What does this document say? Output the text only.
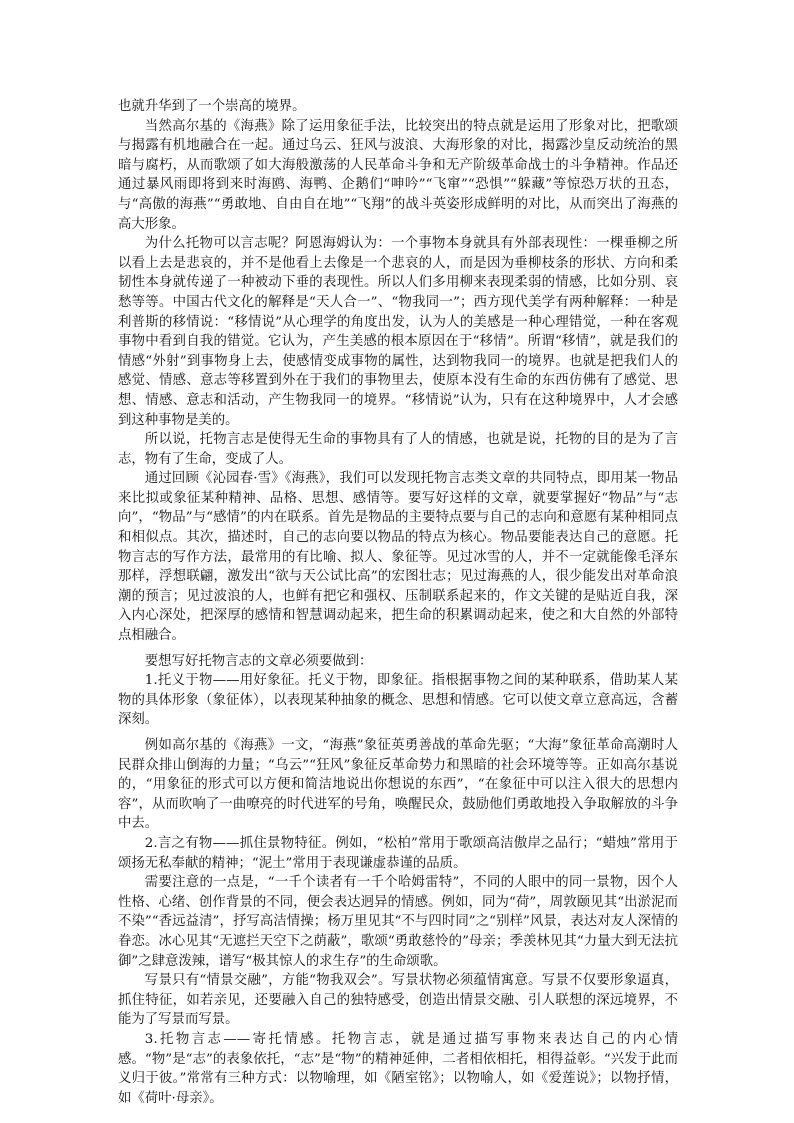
也就升华到了一个崇高的境界。

当然高尔基的《海燕》除了运用象征手法，比较突出的特点就是运用了形象对比，把歌颂与揭露有机地融合在一起。通过乌云、狂风与波浪、大海形象的对比，揭露沙皇反动统治的黑暗与腐朽，从而歌颂了如大海般激荡的人民革命斗争和无产阶级革命战士的斗争精神。作品还通过暴风雨即将到来时海鸥、海鸭、企鹅们“呻吟”“飞窜”“恐惧”“躲藏”等惊恐万状的丑态，与“高傲的海燕”“勇敢地、自由自在地”“飞翔”的战斗英姿形成鲜明的对比，从而突出了海燕的高大形象。

为什么托物可以言志呢？阿恩海姆认为：一个事物本身就具有外部表现性：一棵垂柳之所以看上去是悲哀的，并不是他看上去像是一个悲哀的人，而是因为垂柳枝条的形状、方向和柔韧性本身就传递了一种被动下垂的表现性。所以人们多用柳来表现柔弱的情感，比如分别、哀愁等等。中国古代文化的解释是“天人合一”、“物我同一”；西方现代美学有两种解释：一种是利普斯的移情说：“移情说”从心理学的角度出发，认为人的美感是一种心理错觉，一种在客观事物中看到自我的错觉。它认为，产生美感的根本原因在于“移情”。所谓“移情”，就是我们的情感“外射”到事物身上去，使感情变成事物的属性，达到物我同一的境界。也就是把我们人的感觉、情感、意志等移置到外在于我们的事物里去，使原本没有生命的东西仿佛有了感觉、思想、情感、意志和活动，产生物我同一的境界。“移情说”认为，只有在这种境界中，人才会感到这种事物是美的。

所以说，托物言志是使得无生命的事物具有了人的情感，也就是说，托物的目的是为了言志，物有了生命，变成了人。

通过回顾《沁园春·雪》《海燕》，我们可以发现托物言志类文章的共同特点，即用某一物品来比拟或象征某种精神、品格、思想、感情等。要写好这样的文章，就要掌握好“物品”与“志向”，“物品”与“感情”的内在联系。首先是物品的主要特点要与自己的志向和意愿有某种相同点和相似点。其次，描述时，自己的志向要以物品的特点为核心。物品要能表达自己的意愿。托物言志的写作方法，最常用的有比喻、拟人、象征等。见过冰雪的人，并不一定就能像毛泽东那样，浮想联翩，激发出“欲与天公试比高”的宏图壮志；见过海燕的人，很少能发出对革命浪潮的预言；见过波浪的人，也鲜有把它和强权、压制联系起来的，作文关键的是贴近自我，深入内心深处，把深厚的感情和智慧调动起来，把生命的积累调动起来，使之和大自然的外部特点相融合。

要想写好托物言志的文章必须要做到：

1.托义于物——用好象征。托义于物，即象征。指根据事物之间的某种联系，借助某人某物的具体形象（象征体），以表现某种抽象的概念、思想和情感。它可以使文章立意高远，含蓄深刻。

例如高尔基的《海燕》一文，“海燕”象征英勇善战的革命先驱；“大海”象征革命高潮时人民群众排山倒海的力量；“乌云”“狂风”象征反革命势力和黑暗的社会环境等等。正如高尔基说的，“用象征的形式可以方便和简洁地说出你想说的东西”，“在象征中可以注入很大的思想内容”，从而吹响了一曲嘹亮的时代进军的号角，唤醒民众，鼓励他们勇敢地投入争取解放的斗争中去。

2.言之有物——抓住景物特征。例如，“松柏”常用于歌颂高洁傲岸之品行；“蜡烛”常用于颂扬无私奉献的精神；“泥土”常用于表现谦虚恭谨的品质。

需要注意的一点是，“一千个读者有一千个哈姆雷特”，不同的人眼中的同一景物，因个人性格、心绪、创作背景的不同，便会表达迥异的情感。例如，同为“荷”，周敦颐见其“出淤泥而不染”“香远益清”，抒写高洁情操；杨万里见其“不与四时同”之“别样”风景，表达对友人深情的眷恋。冰心见其“无遮拦天空下之荫蔽”，歌颂“勇敢慈怜的”母亲；季羡林见其“力量大到无法抗御”之肆意泼辣，谱写“极其惊人的求生存”的生命颂歌。

写景只有“情景交融”，方能“物我双会”。写景状物必须蕴情寓意。写景不仅要形象逼真，抓住特征，如若亲见，还要融入自己的独特感受，创造出情景交融、引人联想的深远境界，不能为了写景而写景。

3.托物言志——寄托情感。托物言志，就是通过描写事物来表达自己的内心情感。“物”是“志”的表象依托，“志”是“物”的精神延伸，二者相依相托，相得益彰。“兴发于此而义归于彼。”常常有三种方式：以物喻理，如《陋室铭》；以物喻人，如《爱莲说》；以物抒情，如《荷叶·母亲》。
